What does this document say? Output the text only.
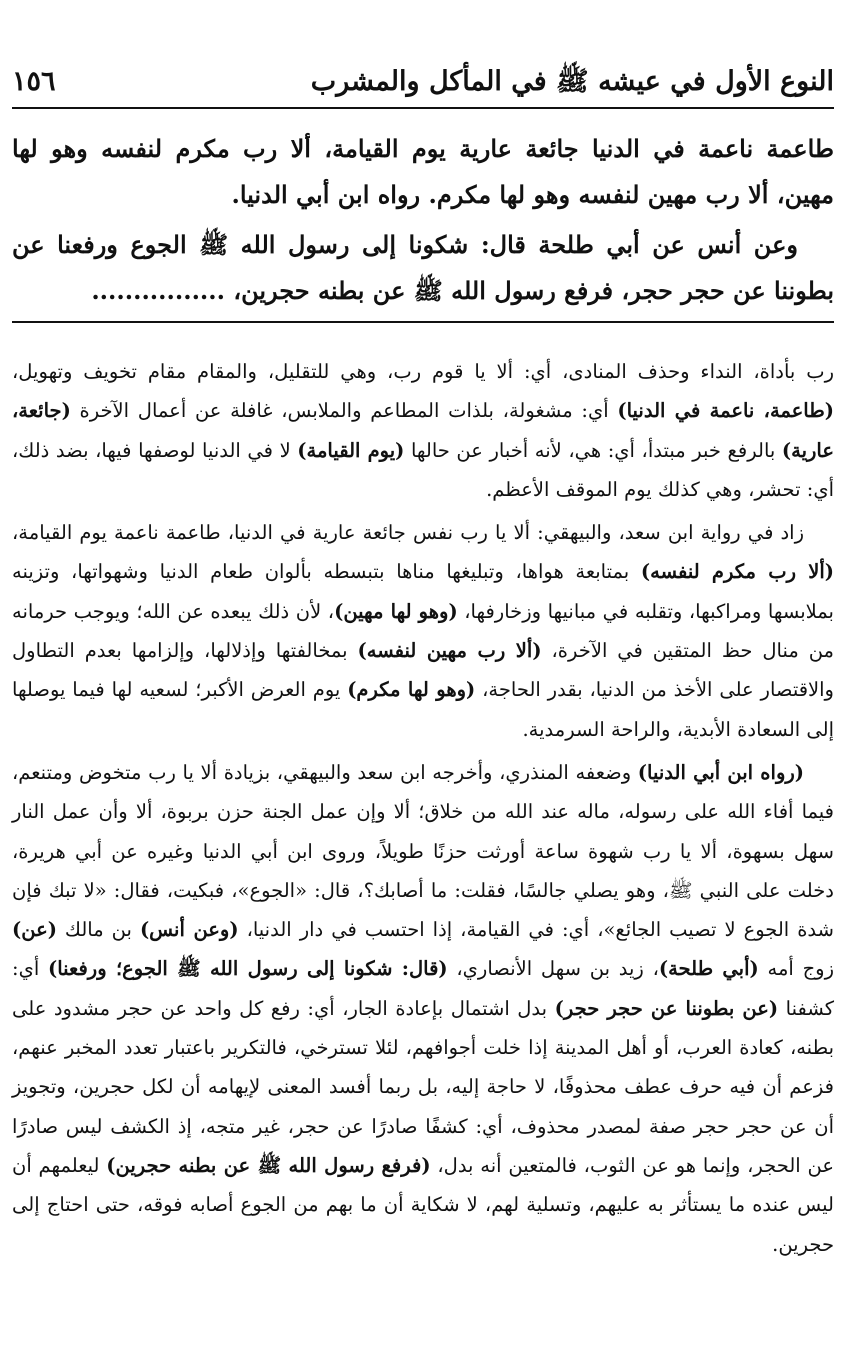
النوع الأول في عيشه ﷺ في المأكل والمشرب
١٥٦

طاعمة ناعمة في الدنيا جائعة عارية يوم القيامة، ألا رب مكرم لنفسه وهو لها مهين، ألا رب مهين لنفسه وهو لها مكرم. رواه ابن أبي الدنيا.

وعن أنس عن أبي طلحة قال: شكونا إلى رسول الله ﷺ الجوع ورفعنا عن بطوننا عن حجر حجر، فرفع رسول الله ﷺ عن بطنه حجرين، ................

رب بأداة، النداء وحذف المنادى، أي: ألا يا قوم رب، وهي للتقليل، والمقام مقام تخويف وتهويل، (طاعمة، ناعمة في الدنيا) أي: مشغولة، بلذات المطاعم والملابس، غافلة عن أعمال الآخرة (جائعة، عارية) بالرفع خبر مبتدأ، أي: هي، لأنه أخبار عن حالها (يوم القيامة) لا في الدنيا لوصفها فيها، بضد ذلك، أي: تحشر، وهي كذلك يوم الموقف الأعظم.

زاد في رواية ابن سعد، والبيهقي: ألا يا رب نفس جائعة عارية في الدنيا، طاعمة ناعمة يوم القيامة، (ألا رب مكرم لنفسه) بمتابعة هواها، وتبليغها مناها بتبسطه بألوان طعام الدنيا وشهواتها، وتزينه بملابسها ومراكبها، وتقلبه في مبانيها وزخارفها، (وهو لها مهين)، لأن ذلك يبعده عن الله؛ ويوجب حرمانه من منال حظ المتقين في الآخرة، (ألا رب مهين لنفسه) بمخالفتها وإذلالها، وإلزامها بعدم التطاول والاقتصار على الأخذ من الدنيا، بقدر الحاجة، (وهو لها مكرم) يوم العرض الأكبر؛ لسعيه لها فيما يوصلها إلى السعادة الأبدية، والراحة السرمدية.

(رواه ابن أبي الدنيا) وضعفه المنذري، وأخرجه ابن سعد والبيهقي، بزيادة ألا يا رب متخوض ومتنعم، فيما أفاء الله على رسوله، ماله عند الله من خلاق؛ ألا وإن عمل الجنة حزن بربوة، ألا وأن عمل النار سهل بسهوة، ألا يا رب شهوة ساعة أورثت حزنًا طويلاً، وروى ابن أبي الدنيا وغيره عن أبي هريرة، دخلت على النبي ﷺ، وهو يصلي جالسًا، فقلت: ما أصابك؟، قال: «الجوع»، فبكيت، فقال: «لا تبك فإن شدة الجوع لا تصيب الجائع»، أي: في القيامة، إذا احتسب في دار الدنيا، (وعن أنس) بن مالك (عن) زوج أمه (أبي طلحة)، زيد بن سهل الأنصاري، (قال: شكونا إلى رسول الله ﷺ الجوع؛ ورفعنا) أي: كشفنا (عن بطوننا عن حجر حجر) بدل اشتمال بإعادة الجار، أي: رفع كل واحد عن حجر مشدود على بطنه، كعادة العرب، أو أهل المدينة إذا خلت أجوافهم، لئلا تسترخي، فالتكرير باعتبار تعدد المخبر عنهم، فزعم أن فيه حرف عطف محذوفًا، لا حاجة إليه، بل ربما أفسد المعنى لإيهامه أن لكل حجرين، وتجويز أن عن حجر حجر صفة لمصدر محذوف، أي: كشفًا صادرًا عن حجر، غير متجه، إذ الكشف ليس صادرًا عن الحجر، وإنما هو عن الثوب، فالمتعين أنه بدل، (فرفع رسول الله ﷺ عن بطنه حجرين) ليعلمهم أن ليس عنده ما يستأثر به عليهم، وتسلية لهم، لا شكاية أن ما بهم من الجوع أصابه فوقه، حتى احتاج إلى حجرين.
